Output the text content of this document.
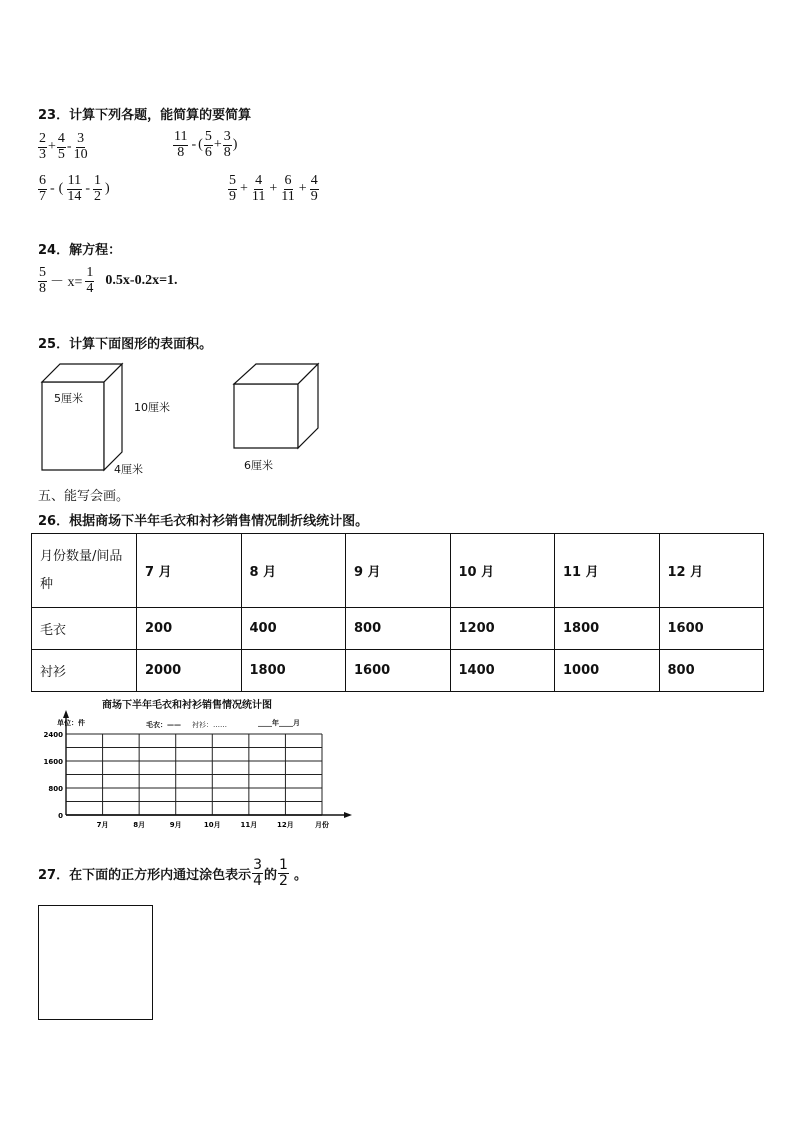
23．计算下列各题，能简算的要简算
$\frac{2}{3} + \frac{4}{5} - \frac{3}{10}$	$\frac{11}{8}$ - ( $\frac{5}{6} + \frac{3}{8}$ )
$\frac{6}{7}$ - ( $\frac{11}{14} - \frac{1}{2}$ )	$\frac{5}{9} + \frac{4}{11} + \frac{6}{11} + \frac{4}{9}$
24．解方程：
$\frac{5}{8} - x= \frac{1}{4} 0.5x-0.2x=1$.
25．计算下面图形的表面积。
5厘米
10厘米
4厘米	6厘米
五、能写会画。
26．根据商场下半年毛衣和衬衫销售情况制折线统计图。
月份数量/间品种	7 月	8 月	9 月	10 月	11 月	12 月
毛衣	200	400	800	1200	1800	1600
衬衫	2000	1800	1600	1400	1000	800
商场下半年毛衣和衬衫销售情况统计图
单位：件	毛衣：—— 衬衫：……	____年____月
2400
1600
800
0
7月	8月	9月	10月	11月	12月	月份
27．在下面的正方形内通过涂色表示 $\frac{3}{4}$ 的 $\frac{1}{2}$ 。
